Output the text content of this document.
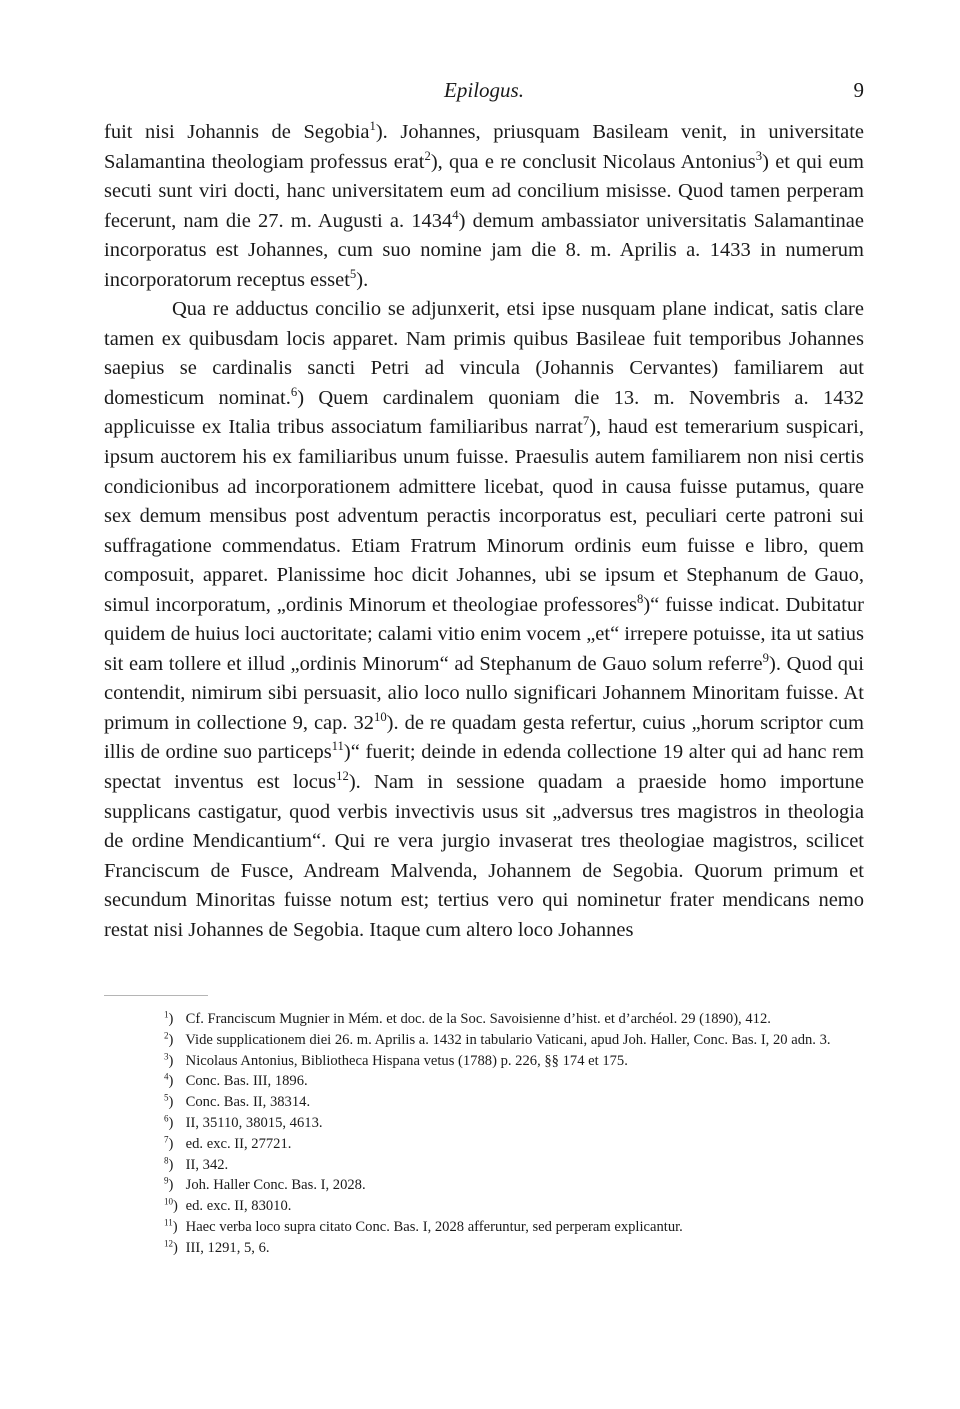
Epilogus.	9

fuit nisi Johannis de Segobia$^1$). Johannes, priusquam Basileam venit, in universitate Salamantina theologiam professus erat$^2$), qua e re conclusit Nicolaus Antonius$^3$) et qui eum secuti sunt viri docti, hanc universitatem eum ad concilium misisse. Quod tamen perperam fecerunt, nam die 27. m. Augusti a. 1434$^4$) demum ambassiator universitatis Salamantinae incorporatus est Johannes, cum suo nomine jam die 8. m. Aprilis a. 1433 in numerum incorporatorum receptus esset$^5$).

Qua re adductus concilio se adjunxerit, etsi ipse nusquam plane indicat, satis clare tamen ex quibusdam locis apparet. Nam primis quibus Basileae fuit temporibus Johannes saepius se cardinalis sancti Petri ad vincula (Johannis Cervantes) familiarem aut domesticum nominat.$^6$) Quem cardinalem quoniam die 13. m. Novembris a. 1432 applicuisse ex Italia tribus associatum familiaribus narrat$^7$), haud est temerarium suspicari, ipsum auctorem his ex familiaribus unum fuisse. Praesulis autem familiarem non nisi certis condicionibus ad incorporationem admittere licebat, quod in causa fuisse putamus, quare sex demum mensibus post adventum peractis incorporatus est, peculiari certe patroni sui suffragatione commendatus. Etiam Fratrum Minorum ordinis eum fuisse e libro, quem composuit, apparet. Planissime hoc dicit Johannes, ubi se ipsum et Stephanum de Gauo, simul incorporatum, „ordinis Minorum et theologiae professores$^8$)“ fuisse indicat. Dubitatur quidem de huius loci auctoritate; calami vitio enim vocem „et“ irrepere potuisse, ita ut satius sit eam tollere et illud „ordinis Minorum“ ad Stephanum de Gauo solum referre$^9$). Quod qui contendit, nimirum sibi persuasit, alio loco nullo significari Johannem Minoritam fuisse. At primum in collectione 9, cap. $32^{10}$). de re quadam gesta refertur, cuius „horum scriptor cum illis de ordine suo particeps$^{11}$)“ fuerit; deinde in edenda collectione 19 alter qui ad hanc rem spectat inventus est locus$^{12}$). Nam in sessione quadam a praeside homo importune supplicans castigatur, quod verbis invectivis usus sit „adversus tres magistros in theologia de ordine Mendicantium“. Qui re vera jurgio invaserat tres theologiae magistros, scilicet Franciscum de Fusce, Andream Malvenda, Johannem de Segobia. Quorum primum et secundum Minoritas fuisse notum est; tertius vero qui nominetur frater mendicans nemo restat nisi Johannes de Segobia. Itaque cum altero loco Johannes

$^1$) Cf. Franciscum Mugnier in Mém. et doc. de la Soc. Savoisienne d’hist. et d’archéol. 29 (1890), 412.

$^2$) Vide supplicationem diei 26. m. Aprilis a. 1432 in tabulario Vaticani, apud Joh. Haller, Conc. Bas. I, 20 adn. 3.

$^3$) Nicolaus Antonius, Bibliotheca Hispana vetus (1788) p. 226, §§ 174 et 175.

$^4$) Conc. Bas. III, 1896.

$^5$) Conc. Bas. II, 38314.

$^6$) II, 35110, 38015, 4613.

$^7$) ed. exc. II, 27721.

$^8$) II, 342.

$^9$) Joh. Haller Conc. Bas. I, 2028.

$^{10}$) ed. exc. II, 83010.

$^{11}$) Haec verba loco supra citato Conc. Bas. I, 2028 afferuntur, sed perperam explicantur.

$^{12}$) III, 1291, 5, 6.
